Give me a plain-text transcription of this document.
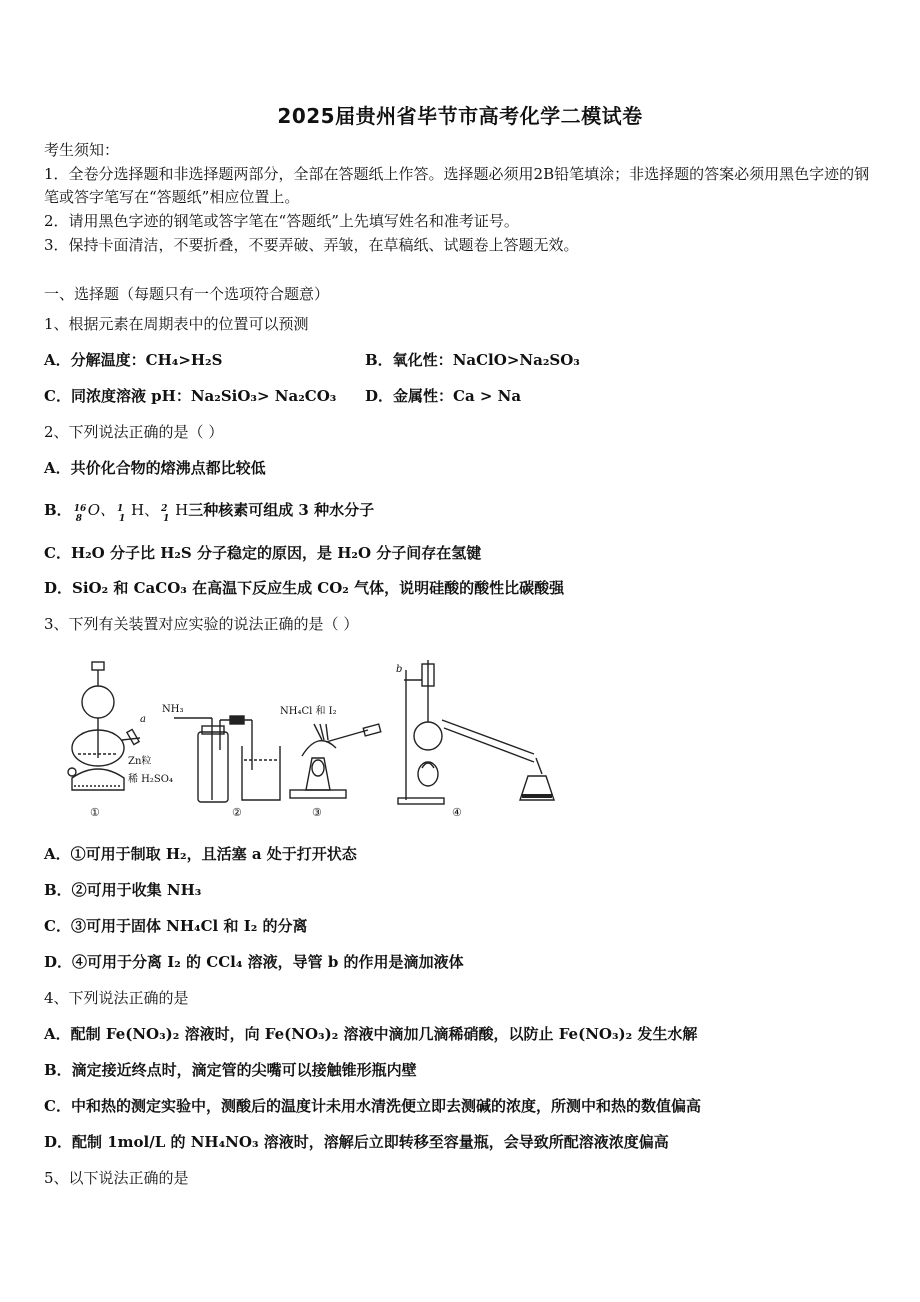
2025届贵州省毕节市高考化学二模试卷
考生须知：
1．全卷分选择题和非选择题两部分，全部在答题纸上作答。选择题必须用2B铅笔填涂；非选择题的答案必须用黑色字迹的钢笔或答字笔写在“答题纸”相应位置上。
2．请用黑色字迹的钢笔或答字笔在“答题纸”上先填写姓名和准考证号。
3．保持卡面清洁，不要折叠，不要弄破、弄皱，在草稿纸、试题卷上答题无效。
一、选择题（每题只有一个选项符合题意）
1、根据元素在周期表中的位置可以预测
A．分解温度：CH₄>H₂S	B．氧化性：NaClO>Na₂SO₃
C．同浓度溶液 pH：Na₂SiO₃> Na₂CO₃ D．金属性：Ca > Na
2、下列说法正确的是（ ）
A．共价化合物的熔沸点都比较低
B． 16
8 O、 1
1 H、 2
1 H三种核素可组成 3 种水分子
C．H₂O 分子比 H₂S 分子稳定的原因，是 H₂O 分子间存在氢键
D．SiO₂ 和 CaCO₃ 在高温下反应生成 CO₂ 气体，说明硅酸的酸性比碳酸强
3、下列有关装置对应实验的说法正确的是（ ）
a
Zn粒
稀 H₂SO₄
①
NH₃
②
NH₄Cl 和 I₂
③
b
④
A．①可用于制取 H₂，且活塞 a 处于打开状态
B．②可用于收集 NH₃
C．③可用于固体 NH₄Cl 和 I₂ 的分离
D．④可用于分离 I₂ 的 CCl₄ 溶液，导管 b 的作用是滴加液体
4、下列说法正确的是
A．配制 Fe(NO₃)₂ 溶液时，向 Fe(NO₃)₂ 溶液中滴加几滴稀硝酸，以防止 Fe(NO₃)₂ 发生水解
B．滴定接近终点时，滴定管的尖嘴可以接触锥形瓶内壁
C．中和热的测定实验中，测酸后的温度计未用水清洗便立即去测碱的浓度，所测中和热的数值偏高
D．配制 1mol/L 的 NH₄NO₃ 溶液时，溶解后立即转移至容量瓶，会导致所配溶液浓度偏高
5、以下说法正确的是
